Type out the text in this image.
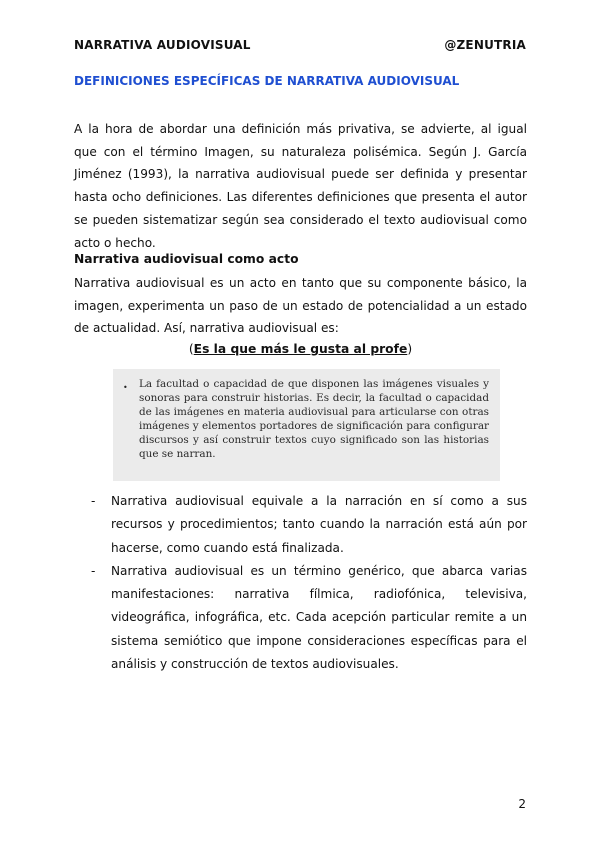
NARRATIVA AUDIOVISUAL	@ZENUTRIA
DEFINICIONES ESPECÍFICAS DE NARRATIVA AUDIOVISUAL

A la hora de abordar una definición más privativa, se advierte, al igual que con el término Imagen, su naturaleza polisémica. Según J. García Jiménez (1993), la narrativa audiovisual puede ser definida y presentar hasta ocho definiciones. Las diferentes definiciones que presenta el autor se pueden sistematizar según sea considerado el texto audiovisual como acto o hecho.

Narrativa audiovisual como acto

Narrativa audiovisual es un acto en tanto que su componente básico, la imagen, experimenta un paso de un estado de potencialidad a un estado de actualidad. Así, narrativa audiovisual es:

(Es la que más le gusta al profe)
• La facultad o capacidad de que disponen las imágenes visuales y sonoras para construir historias. Es decir, la facultad o capacidad de las imágenes en materia audiovisual para articularse con otras imágenes y elementos portadores de significación para configurar discursos y así construir textos cuyo significado son las historias que se narran.

- Narrativa audiovisual equivale a la narración en sí como a sus recursos y procedimientos; tanto cuando la narración está aún por hacerse, como cuando está finalizada.
- Narrativa audiovisual es un término genérico, que abarca varias manifestaciones: narrativa fílmica, radiofónica, televisiva, videográfica, infográfica, etc. Cada acepción particular remite a un sistema semiótico que impone consideraciones específicas para el análisis y construcción de textos audiovisuales.
2
